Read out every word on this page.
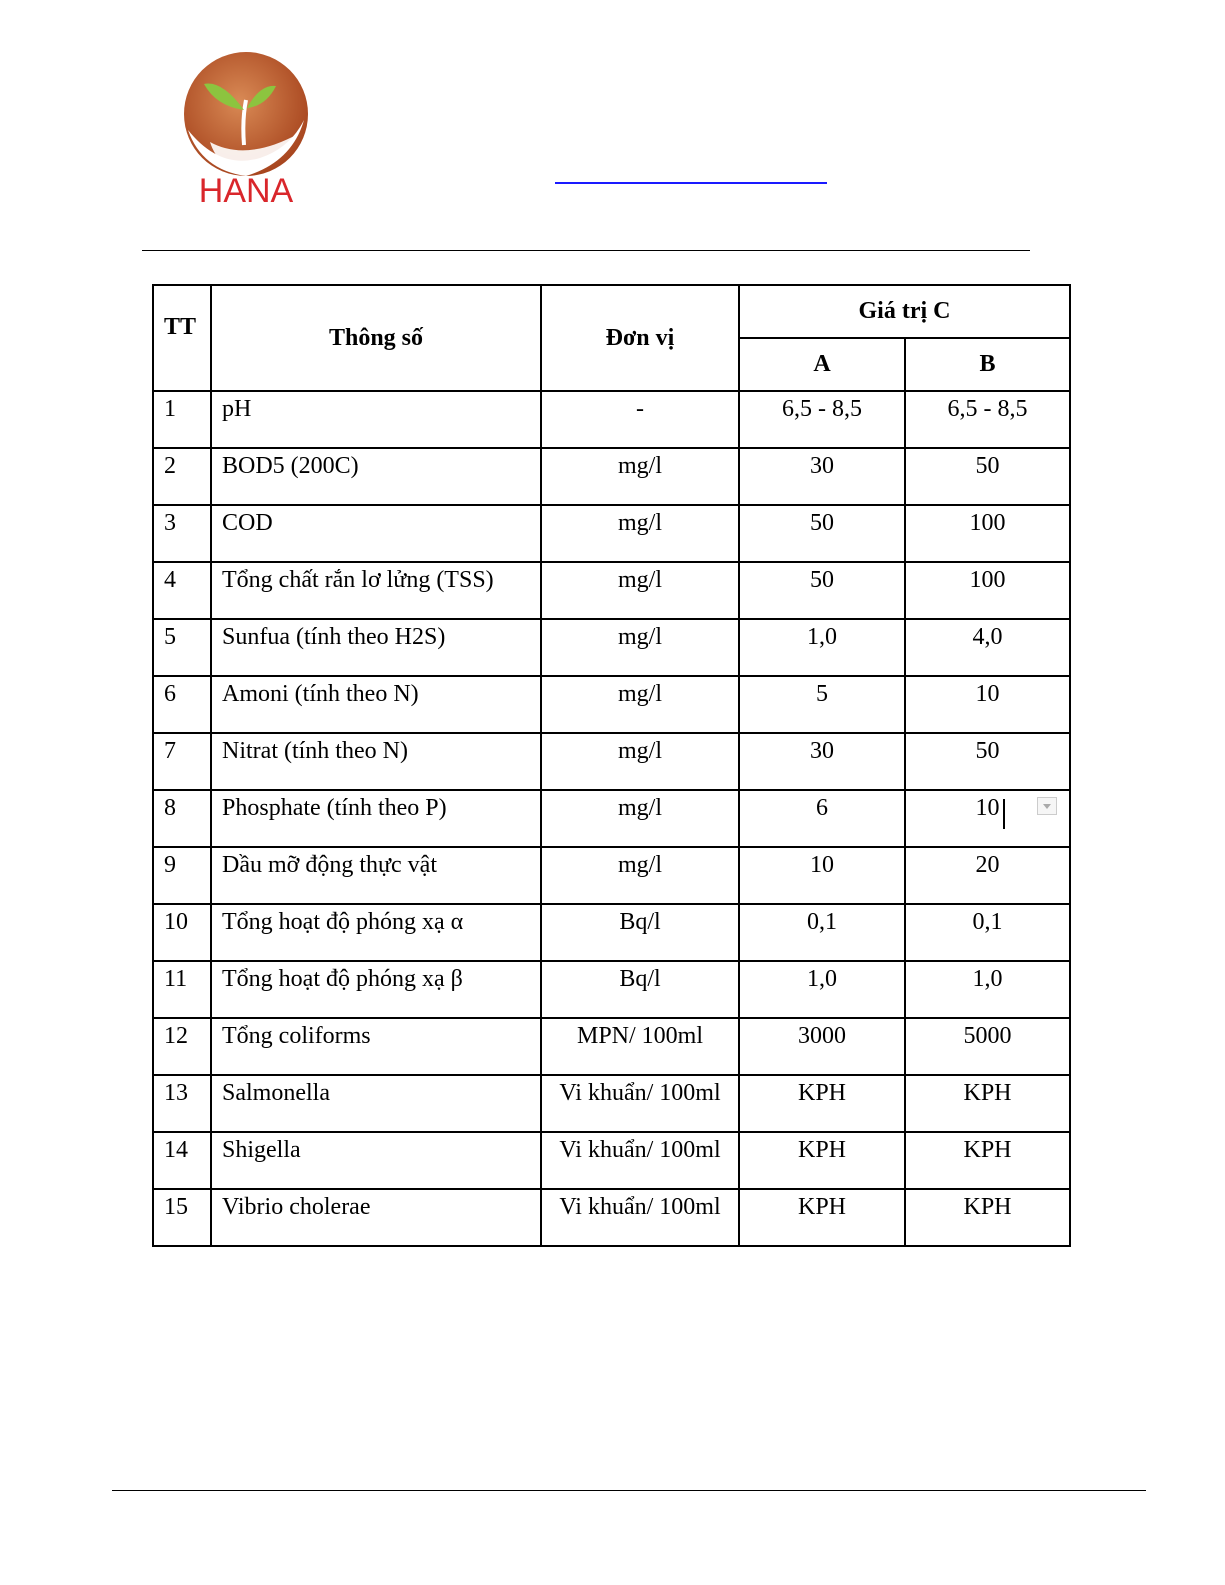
HANA
TT	Thông số	Đơn vị	Giá trị C	
			A	B
1	pH	-	6,5 - 8,5	6,5 - 8,5
2	BOD5 (200C)	mg/l	30	50
3	COD	mg/l	50	100
4	Tổng chất rắn lơ lửng (TSS)	mg/l	50	100
5	Sunfua (tính theo H2S)	mg/l	1,0	4,0
6	Amoni (tính theo N)	mg/l	5	10
7	Nitrat (tính theo N)	mg/l	30	50
8	Phosphate (tính theo P)	mg/l	6	10

9	Dầu mỡ động thực vật	mg/l	10	20
10	Tổng hoạt độ phóng xạ α	Bq/l	0,1	0,1
11	Tổng hoạt độ phóng xạ β	Bq/l	1,0	1,0
12	Tổng coliforms	MPN/ 100ml	3000	5000
13	Salmonella	Vi khuẩn/ 100ml	KPH	KPH
14	Shigella	Vi khuẩn/ 100ml	KPH	KPH
15	Vibrio cholerae	Vi khuẩn/ 100ml	KPH	KPH
